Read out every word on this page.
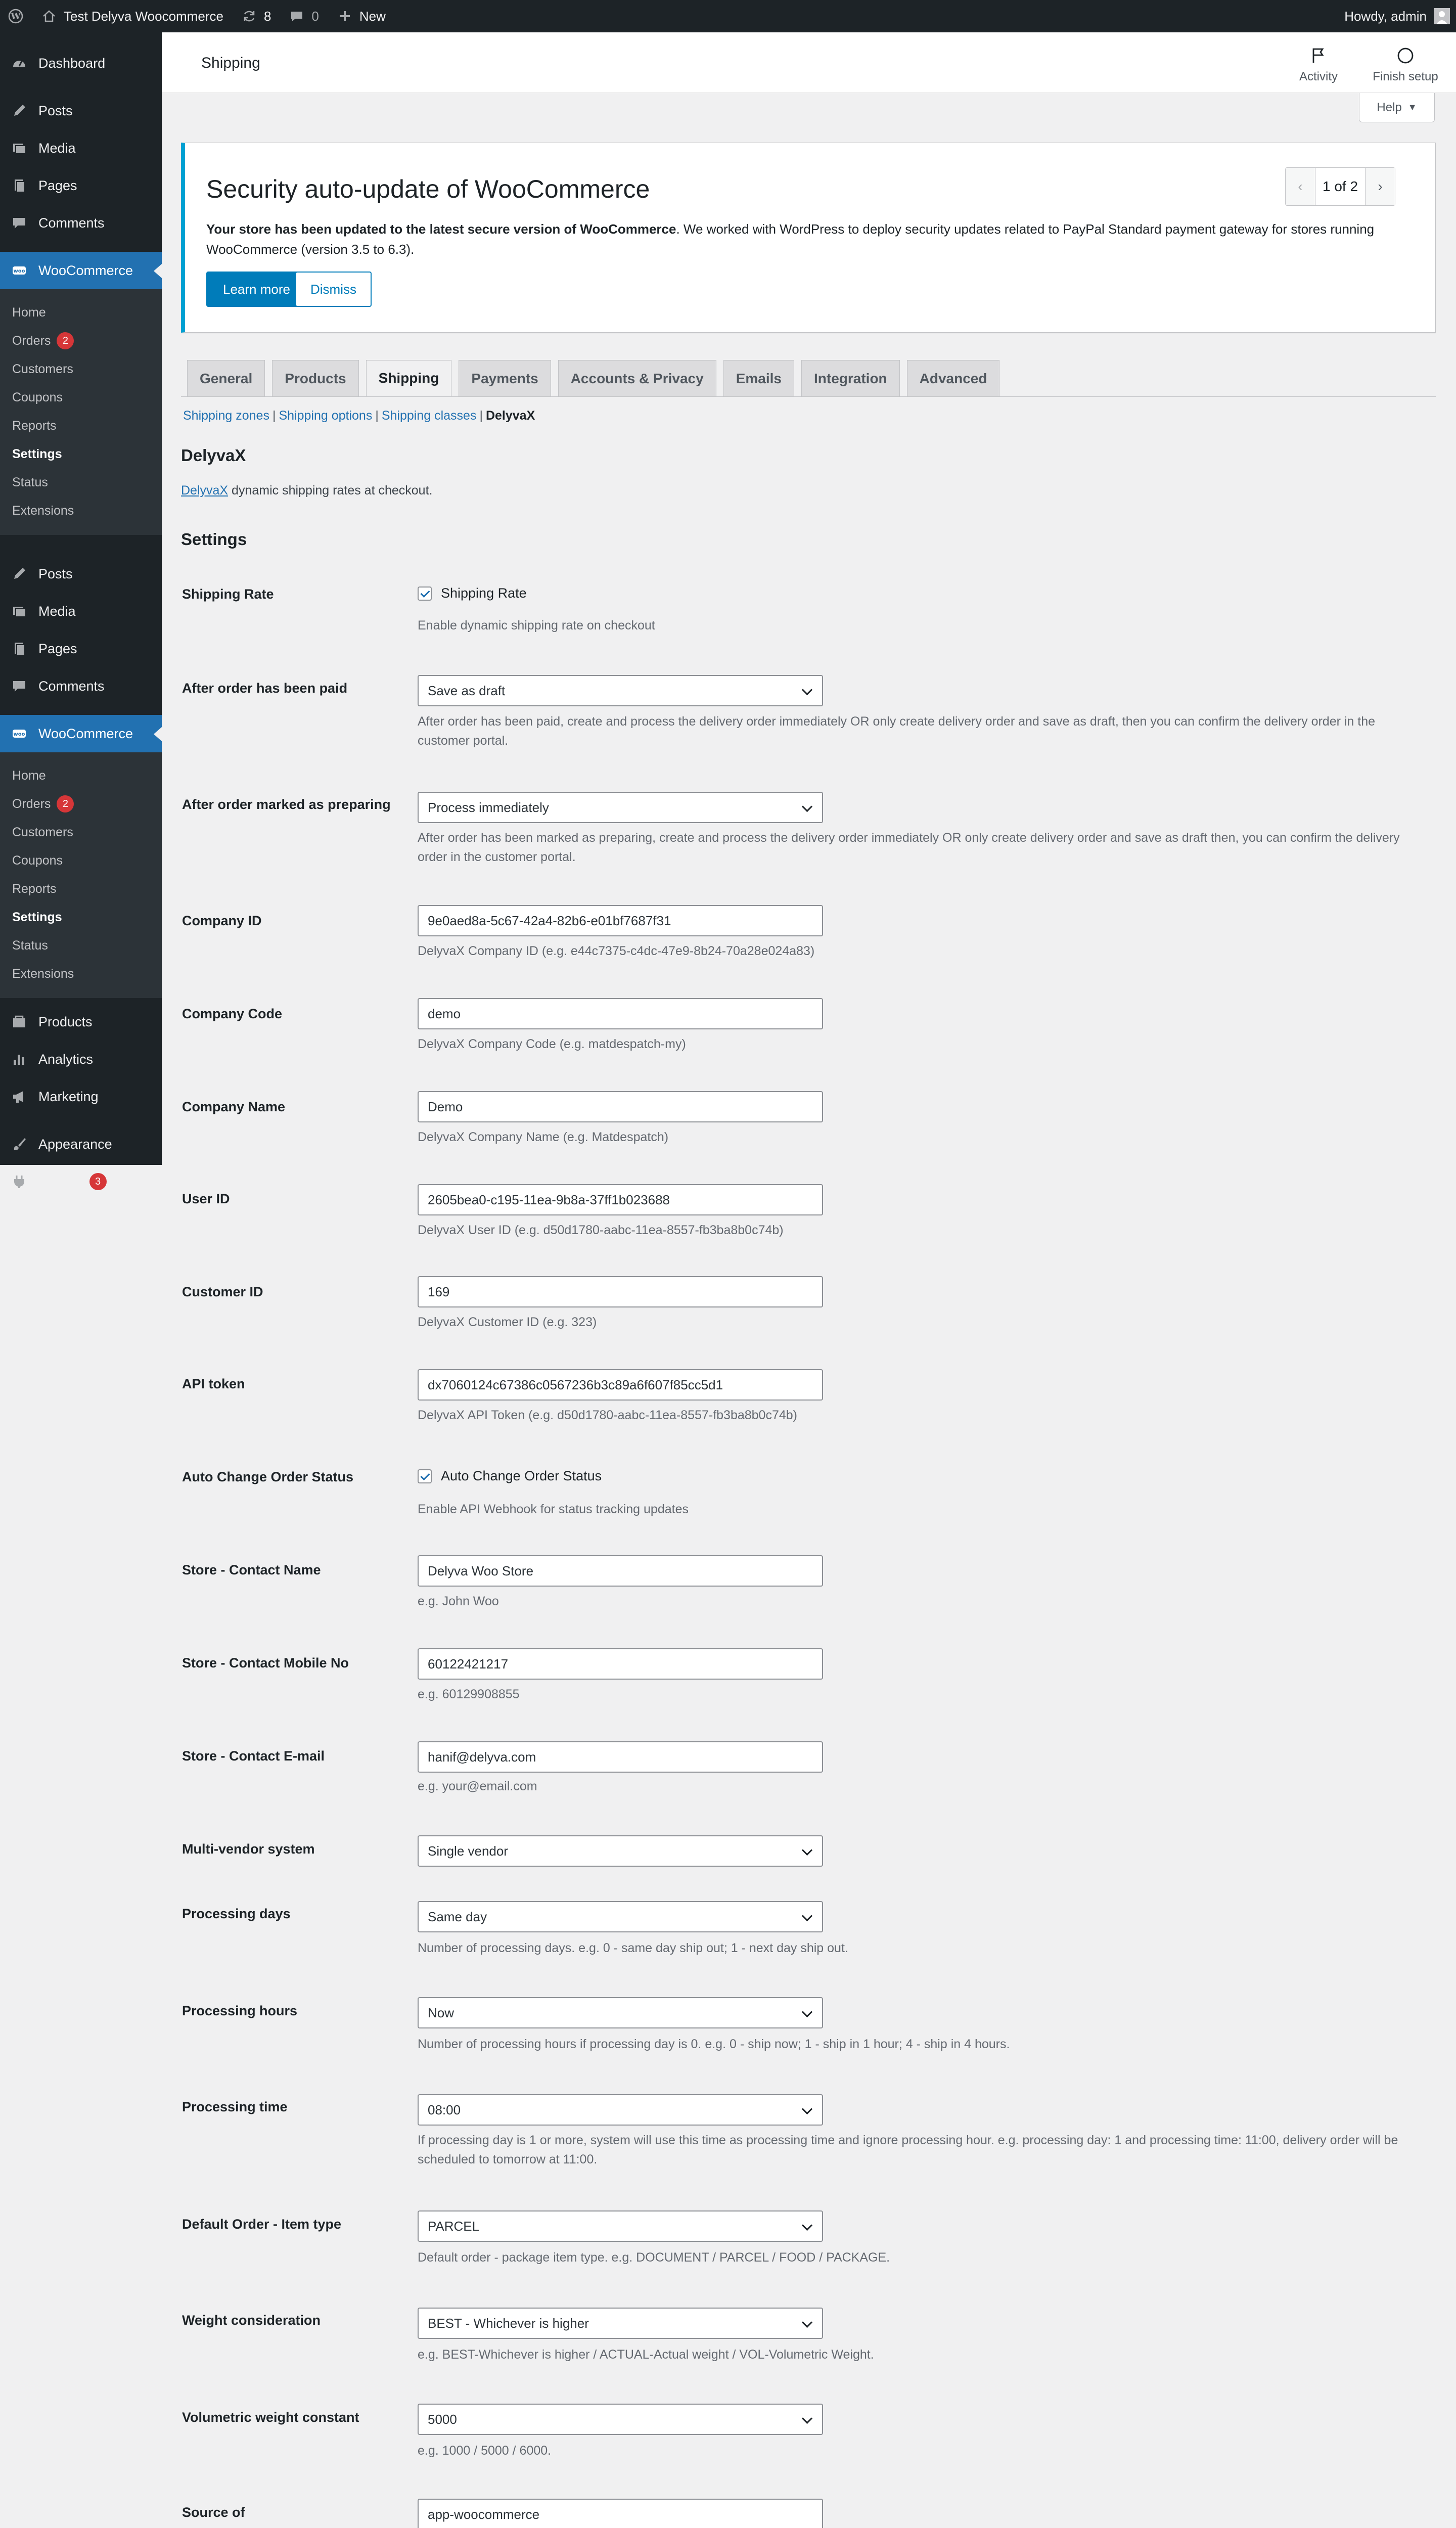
W	Test Delyva Woocommerce	8	0	New	Howdy, admin
Dashboard
Posts
Media
Pages
Comments
woo WooCommerce
Home
Orders	2
Customers
Coupons
Reports
Settings
Status
Extensions
Posts
Media
Pages
Comments
woo WooCommerce
Home
Orders	2
Customers
Coupons
Reports
Settings
Status
Extensions
Products
Analytics
Marketing
Appearance
Plugins	3
Shipping
Activity	Finish setup
Help ▼
Security auto-update of WooCommerce

Your store has been updated to the latest secure version of WooCommerce. We worked with WordPress to deploy security updates related to PayPal Standard payment gateway for stores running WooCommerce (version 3.5 to 6.3).

Learn more Dismiss
‹	1 of 2	›
General	Products	Shipping	Payments	Accounts & Privacy	Emails	Integration	Advanced
Shipping zones | Shipping options | Shipping classes | DelyvaX
DelyvaX
DelyvaX dynamic shipping rates at checkout.
Settings
Shipping Rate	Shipping Rate
Enable dynamic shipping rate on checkout
After order has been paid	Save as draft
After order has been paid, create and process the delivery order immediately OR only create delivery order and save as draft, then you can confirm the delivery order in the customer portal.
After order marked as preparing	Process immediately
After order has been marked as preparing, create and process the delivery order immediately OR only create delivery order and save as draft then, you can confirm the delivery order in the customer portal.
Company ID	9e0aed8a-5c67-42a4-82b6-e01bf7687f31
DelyvaX Company ID (e.g. e44c7375-c4dc-47e9-8b24-70a28e024a83)
Company Code	demo
DelyvaX Company Code (e.g. matdespatch-my)
Company Name	Demo
DelyvaX Company Name (e.g. Matdespatch)
User ID	2605bea0-c195-11ea-9b8a-37ff1b023688
DelyvaX User ID (e.g. d50d1780-aabc-11ea-8557-fb3ba8b0c74b)
Customer ID	169
DelyvaX Customer ID (e.g. 323)
API token	dx7060124c67386c0567236b3c89a6f607f85cc5d1
DelyvaX API Token (e.g. d50d1780-aabc-11ea-8557-fb3ba8b0c74b)
Auto Change Order Status	Auto Change Order Status
Enable API Webhook for status tracking updates
Store - Contact Name	Delyva Woo Store
e.g. John Woo
Store - Contact Mobile No	60122421217
e.g. 60129908855
Store - Contact E-mail	hanif@delyva.com
e.g. your@email.com
Multi-vendor system	Single vendor
Processing days	Same day
Number of processing days. e.g. 0 - same day ship out; 1 - next day ship out.
Processing hours	Now
Number of processing hours if processing day is 0. e.g. 0 - ship now; 1 - ship in 1 hour; 4 - ship in 4 hours.
Processing time	08:00
If processing day is 1 or more, system will use this time as processing time and ignore processing hour. e.g. processing day: 1 and processing time: 11:00, delivery order will be scheduled to tomorrow at 11:00.
Default Order - Item type	PARCEL
Default order - package item type. e.g. DOCUMENT / PARCEL / FOOD / PACKAGE.
Weight consideration	BEST - Whichever is higher
e.g. BEST-Whichever is higher / ACTUAL-Actual weight / VOL-Volumetric Weight.
Volumetric weight constant	5000
e.g. 1000 / 5000 / 6000.
Source of	app-woocommerce
